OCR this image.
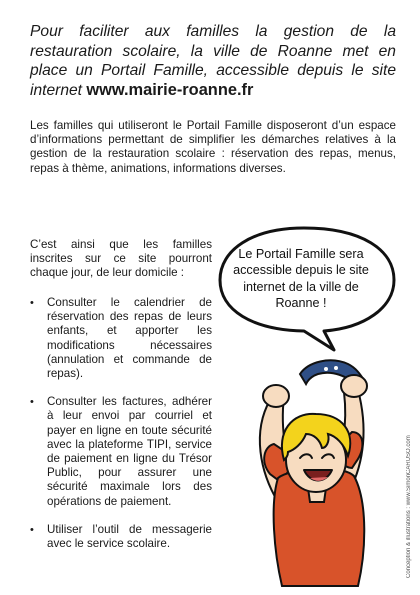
Pour faciliter aux familles la gestion de la restauration scolaire, la ville de Roanne met en place un Portail Famille, accessible depuis le site internet www.mairie-roanne.fr

Les familles qui utiliseront le Portail Famille disposeront d’un espace d’informations permettant de simplifier les démarches relatives à la gestion de la restauration scolaire : réservation des repas, menus, repas à thème, animations, informations diverses.

C’est ainsi que les familles inscrites sur ce site pourront chaque jour, de leur domicile :

• Consulter le calendrier de réservation des repas de leurs enfants, et apporter les modifications nécessaires (annulation et commande de repas).
• Consulter les factures, adhérer à leur envoi par courriel et payer en ligne en toute sécurité avec la plateforme TIPI, service de paiement en ligne du Trésor Public, pour assurer une sécurité maximale lors des opérations de paiement.
• Utiliser l’outil de messagerie avec le service scolaire.
Le Portail Famille sera accessible depuis le site internet de la ville de Roanne !
Conception & illustrations : www.SimonCARUSO.com
